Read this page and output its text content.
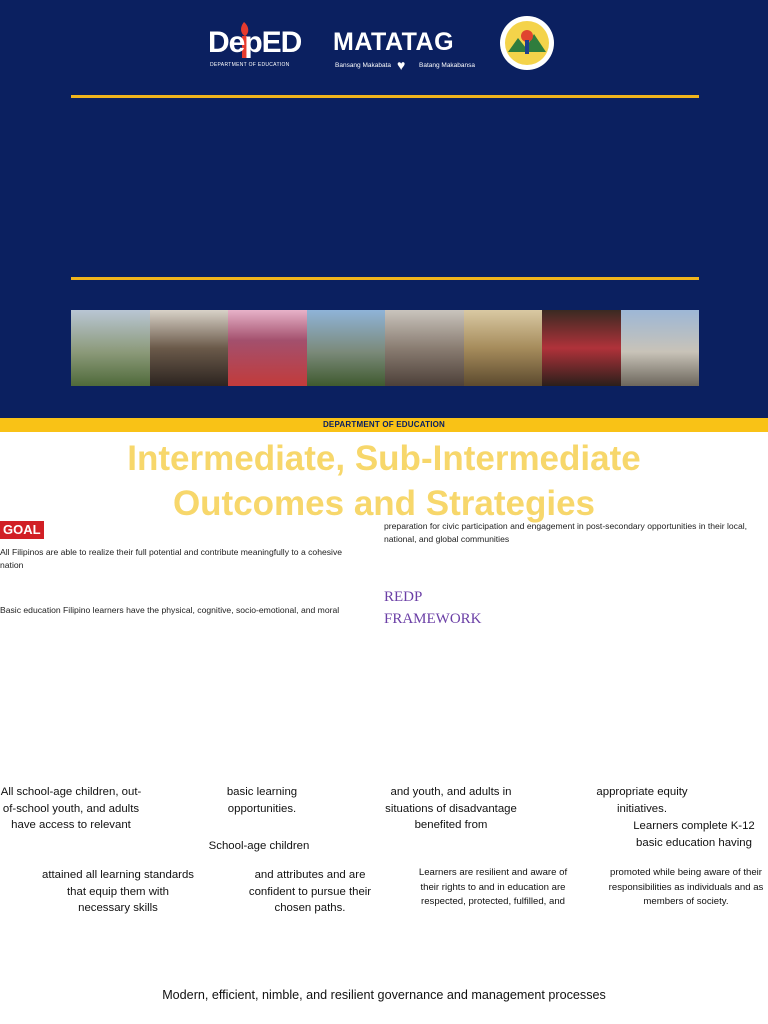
DepED
DEPARTMENT OF EDUCATION
MATATAG
Bansang Makabata ♥ Batang Makabansa
DEPARTMENT OF EDUCATION
Intermediate, Sub-Intermediate
Outcomes and Strategies
GOAL
All Filipinos are able to realize their full potential and contribute meaningfully to a cohesive nation
Basic education Filipino learners have the physical, cognitive, socio-emotional, and moral
preparation for civic participation and engagement in post-secondary opportunities in their local, national, and global communities
REDP
FRAMEWORK
All school-age children, out-of-school youth, and adults have access to relevant
attained all learning standards that equip them with necessary skills
basic learning opportunities.
School-age children
and attributes and are confident to pursue their chosen paths.
and youth, and adults in situations of disadvantage benefited from
Learners are resilient and aware of their rights to and in education are respected, protected, fulfilled, and
appropriate equity initiatives.
Learners complete K-12 basic education having
promoted while being aware of their responsibilities as individuals and as members of society.
Modern, efficient, nimble, and resilient governance and management processes
